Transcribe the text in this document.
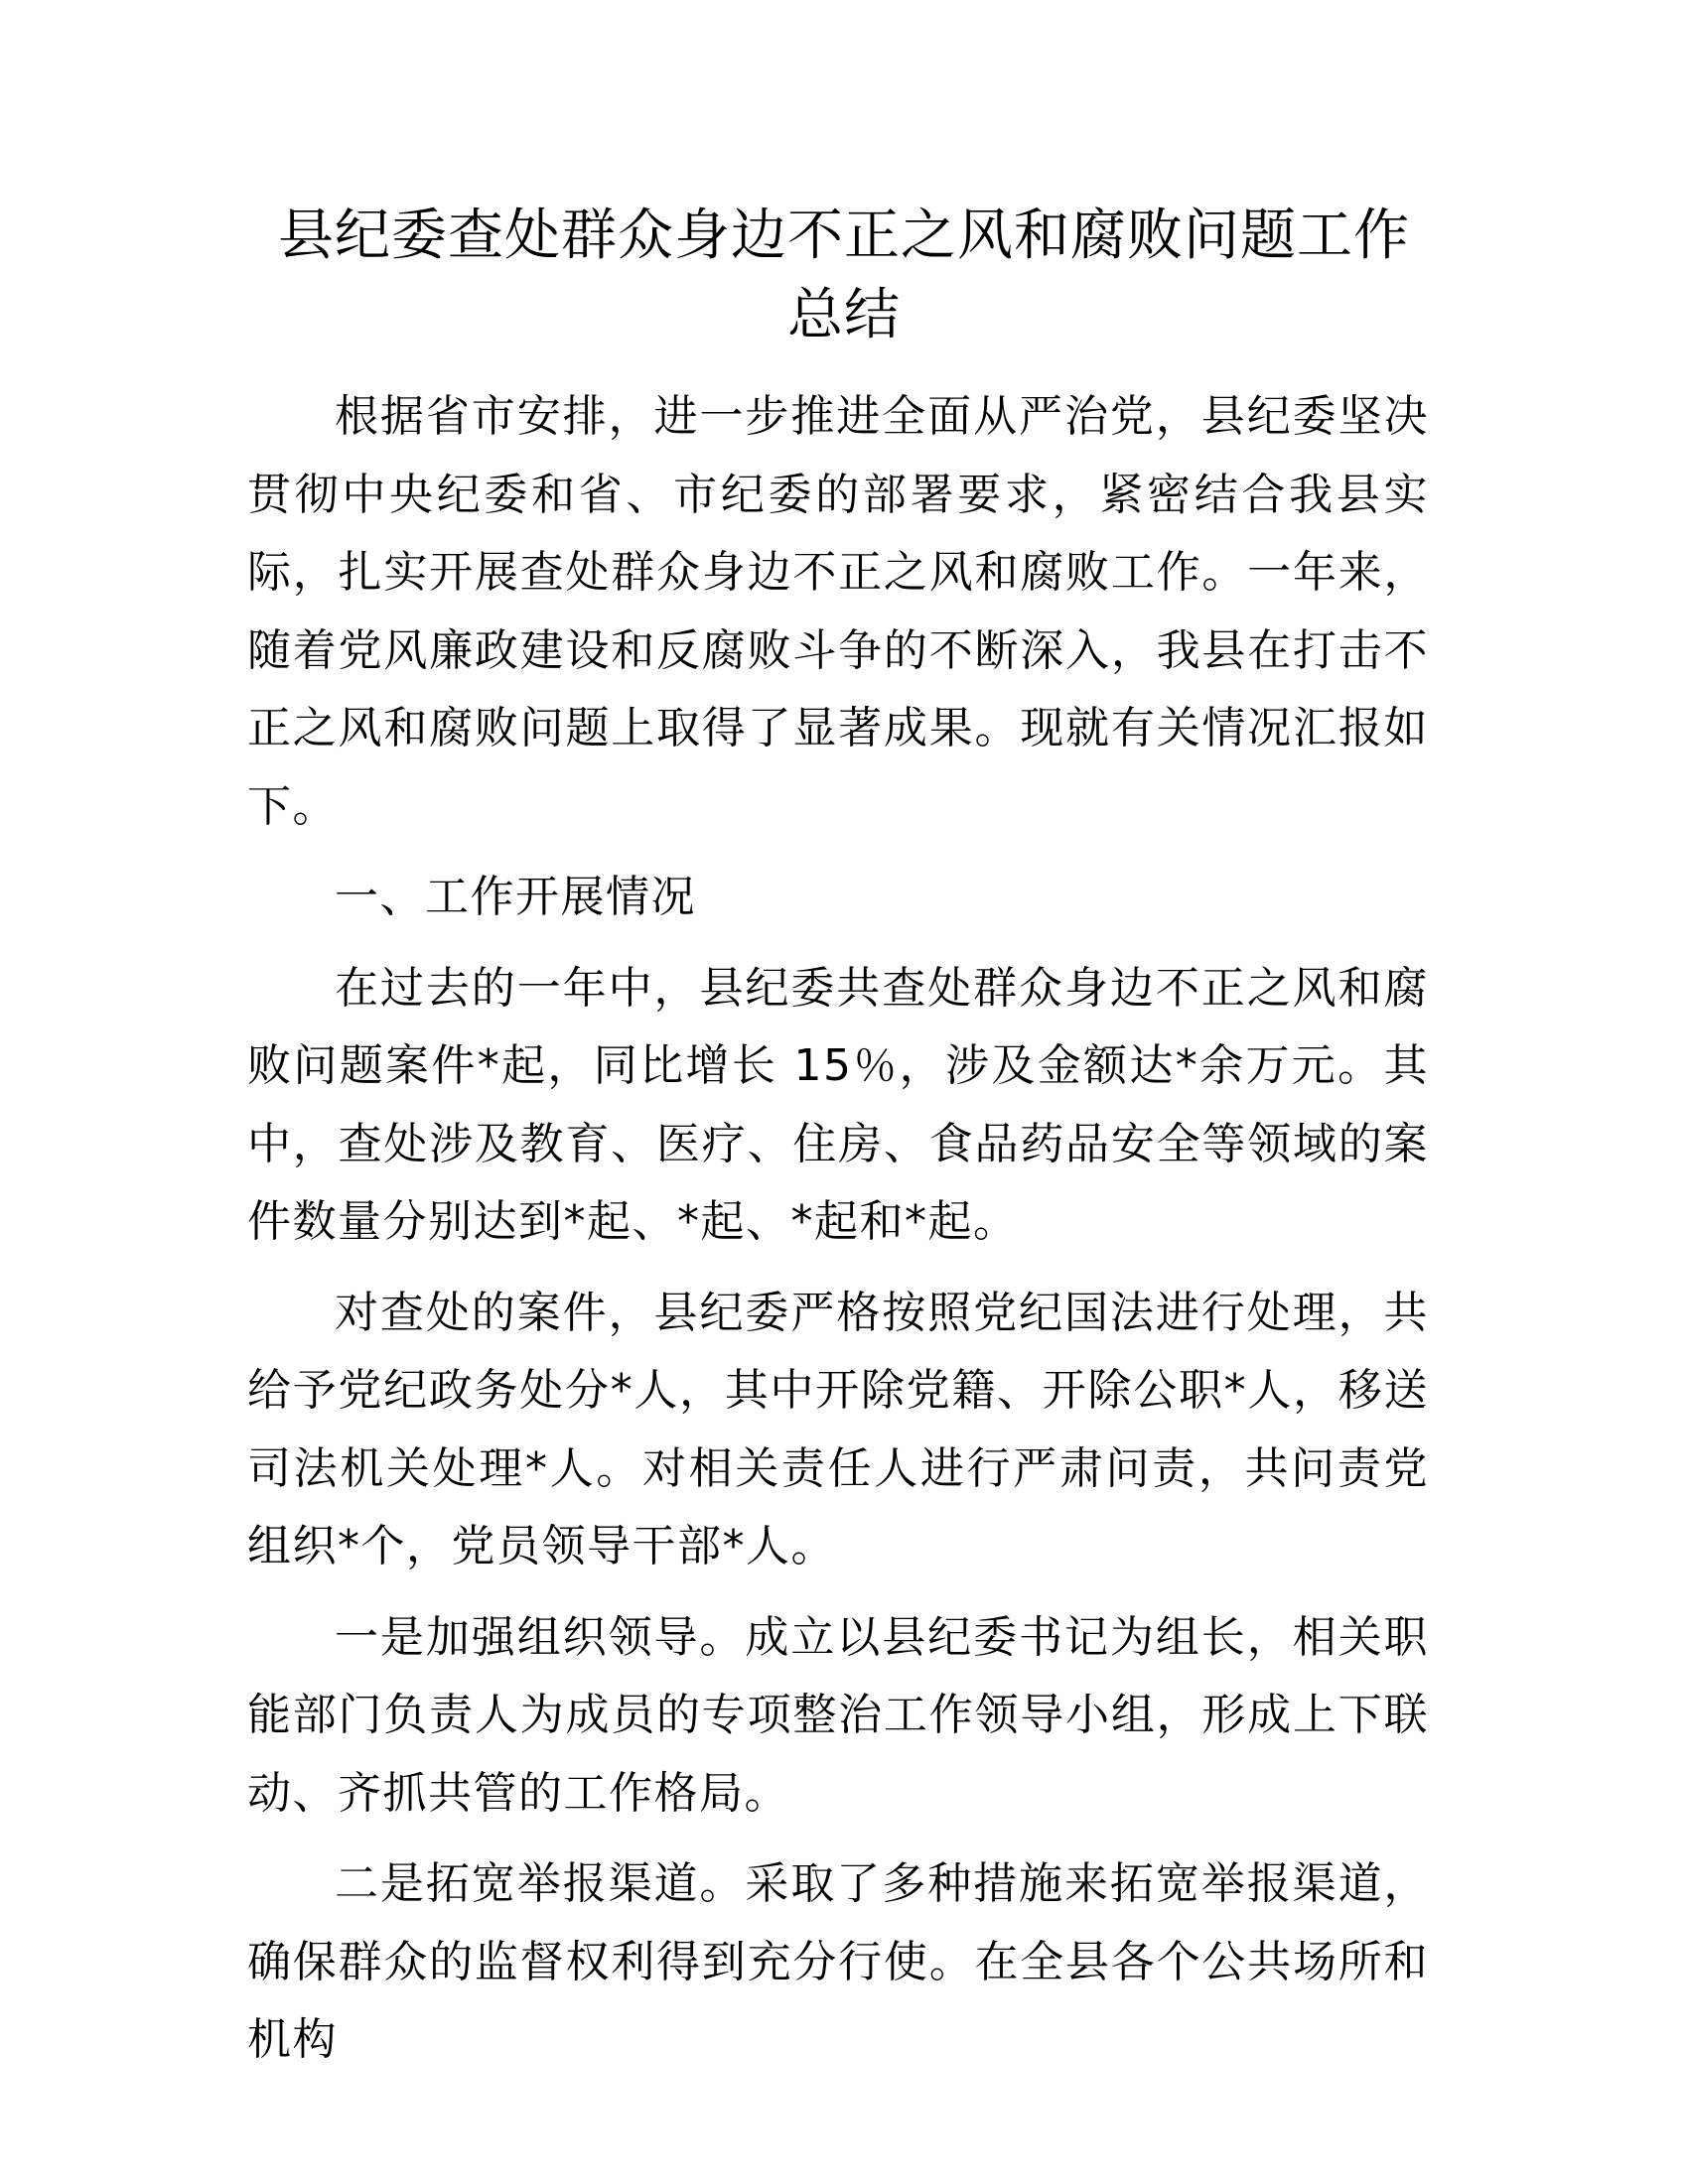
县纪委查处群众身边不正之风和腐败问题工作
总结

根据省市安排，进一步推进全面从严治党，县纪委坚决贯彻中央纪委和省、市纪委的部署要求，紧密结合我县实际，扎实开展查处群众身边不正之风和腐败工作。一年来，随着党风廉政建设和反腐败斗争的不断深入，我县在打击不正之风和腐败问题上取得了显著成果。现就有关情况汇报如下。

一、工作开展情况

在过去的一年中，县纪委共查处群众身边不正之风和腐败问题案件*起，同比增长 15％，涉及金额达*余万元。其中，查处涉及教育、医疗、住房、食品药品安全等领域的案件数量分别达到*起、*起、*起和*起。

对查处的案件，县纪委严格按照党纪国法进行处理，共给予党纪政务处分*人，其中开除党籍、开除公职*人，移送司法机关处理*人。对相关责任人进行严肃问责，共问责党组织*个，党员领导干部*人。

一是加强组织领导。成立以县纪委书记为组长，相关职能部门负责人为成员的专项整治工作领导小组，形成上下联动、齐抓共管的工作格局。

二是拓宽举报渠道。采取了多种措施来拓宽举报渠道，确保群众的监督权利得到充分行使。在全县各个公共场所和机构
